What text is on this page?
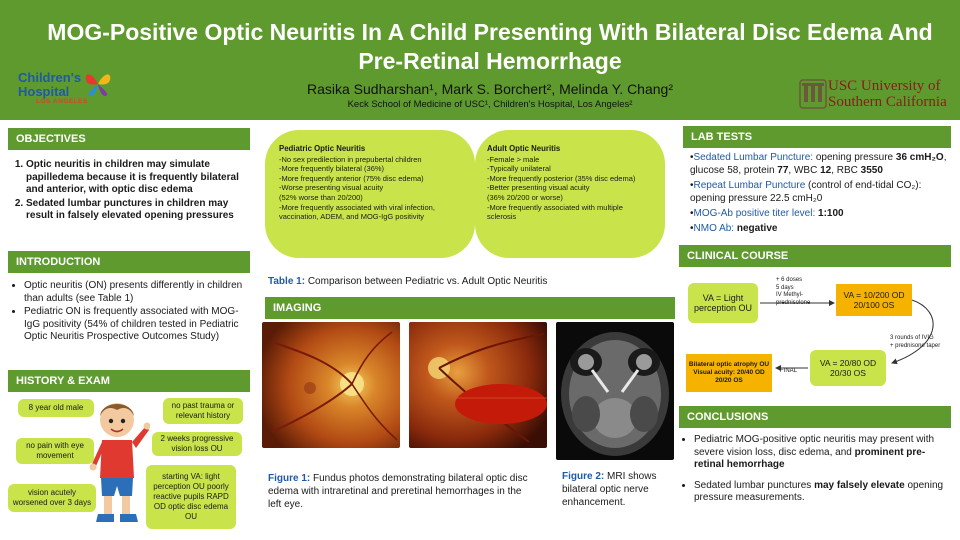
MOG-Positive Optic Neuritis In A Child Presenting With Bilateral Disc Edema And Pre-Retinal Hemorrhage
Rasika Sudharshan¹, Mark S. Borchert², Melinda Y. Chang²
Keck School of Medicine of USC¹, Children's Hospital, Los Angeles²
Children's
Hospital
LOS ANGELES
USC University of
Southern California
OBJECTIVES
1. Optic neuritis in children may simulate papilledema because it is frequently bilateral and anterior, with optic disc edema
2. Sedated lumbar punctures in children may result in falsely elevated opening pressures
INTRODUCTION
• Optic neuritis (ON) presents differently in children than adults (see Table 1)
• Pediatric ON is frequently associated with MOG-IgG positivity (54% of children tested in Pediatric Optic Neuritis Prospective Outcomes Study)
HISTORY & EXAM
8 year old male	no past trauma or relevant history
no pain with eye movement
2 weeks progressive vision loss OU
vision acutely worsened over 3 days
starting VA: light perception OU poorly reactive pupils RAPD OD optic disc edema OU
Pediatric Optic Neuritis
-No sex predilection in prepubertal children
-More frequently bilateral (36%)
-More frequently anterior (75% disc edema)
-Worse presenting visual acuity
(52% worse than 20/200)
-More frequently associated with viral infection,
vaccination, ADEM, and MOG-IgG positivity
Adult Optic Neuritis
-Female > male
-Typically unilateral
-More frequently posterior (35% disc edema)
-Better presenting visual acuity
(36% 20/200 or worse)
-More frequently associated with multiple
sclerosis
Table 1: Comparison between Pediatric vs. Adult Optic Neuritis
IMAGING
Figure 1: Fundus photos demonstrating bilateral optic disc edema with intraretinal and preretinal hemorrhages in the left eye.
Figure 2: MRI shows bilateral optic nerve enhancement.
LAB TESTS
•Sedated Lumbar Puncture: opening pressure 36 cmH₂O, glucose 58, protein 77, WBC 12, RBC 3550
•Repeat Lumbar Puncture (control of end-tidal CO₂): opening pressure 22.5 cmH₂0
•MOG-Ab positive titer level: 1:100
•NMO Ab: negative
CLINICAL COURSE
VA = Light perception OU
+ 6 doses
5 days
IV Methyl-
prednisolone
VA = 10/200 OD
20/100 OS
3 rounds of IVIG
+ prednisone taper
VA = 20/80 OD
20/30 OS
FINAL
Bilateral optic atrophy OU
Visual acuity: 20/40 OD
20/20 OS
CONCLUSIONS
• Pediatric MOG-positive optic neuritis may present with severe vision loss, disc edema, and prominent pre-retinal hemorrhage
• Sedated lumbar punctures may falsely elevate opening pressure measurements.
